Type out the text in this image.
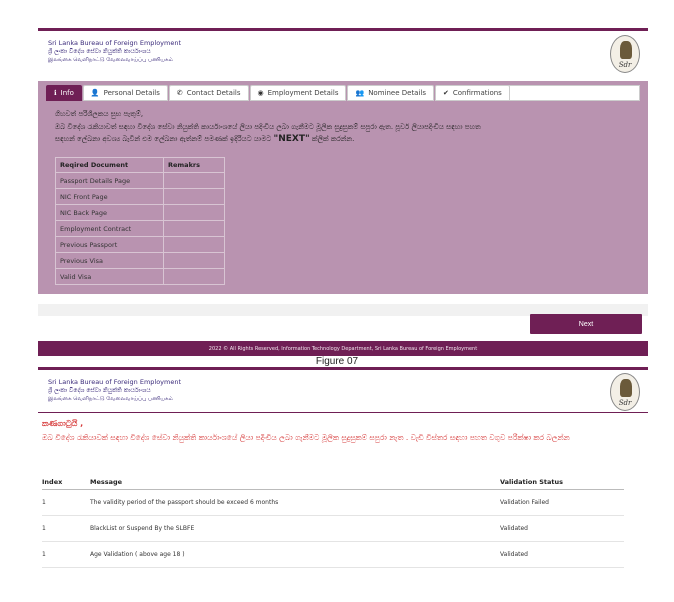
Sri Lanka Bureau of Foreign Employment
ශ්‍රී ලංකා විදේශ සේවා නියුක්ති කාර්යාංශය
இலங்கை வெளிநாட்டு வேலைவாய்ப்பு பணியகம்
Sdr
ℹ Info 👤 Personal Details ✆ Contact Details ◉ Employment Details 👥 Nominee Details ✔ Confirmations
ගිහවත් පරිශීලකය සුභ පැතුම්,
ඔබ විදේශ රැකියාවත් සඳහා විදේශ සේවා නියුක්ති කාර්යාංශයේ ලියා පදිංචිය ලබා ගැනීමට මූලික සුදුසුකම් සපුරා ඇත. පූර්ව ලියාපදිංචිය සඳහා පහත
සඳහන් ලේඛනා අවශ්‍ය බැවින් එම ලේඛනා ඇත්නම් පමණක් ඉදිරියට යාමට "NEXT" ක්ලික් කරන්න.
Reqired Document	Remakrs
Passport Details Page	
NIC Front Page	
NIC Back Page	
Employment Contract	
Previous Passport	
Previous Visa	
Valid Visa	
Next
2022 © All Rights Reserved, Information Technology Department, Sri Lanka Bureau of Foreign Employment
Figure 07
Sri Lanka Bureau of Foreign Employment
ශ්‍රී ලංකා විදේශ සේවා නියුක්ති කාර්යාංශය
இலங்கை வெளிநாட்டு வேலைவாய்ப்பு பணியகம்	Sdr
කණගාටුයි ,
ඔබ විදේශ රැකියාවක් සඳහා විදේශ සේවා නියුක්ති කාර්යාංශයේ ලියා පදිංචිය ලබා ගැනීමට මූලික සුදුසුකම් සපුරා නැත . වැඩි විස්තර සඳහා පහත වගුව පරීක්ෂා කර බලන්න
Index	Message	Validation Status
1	The validity period of the passport should be exceed 6 months	Validation Failed
1	BlackList or Suspend By the SLBFE	Validated
1	Age Validation ( above age 18 )	Validated
